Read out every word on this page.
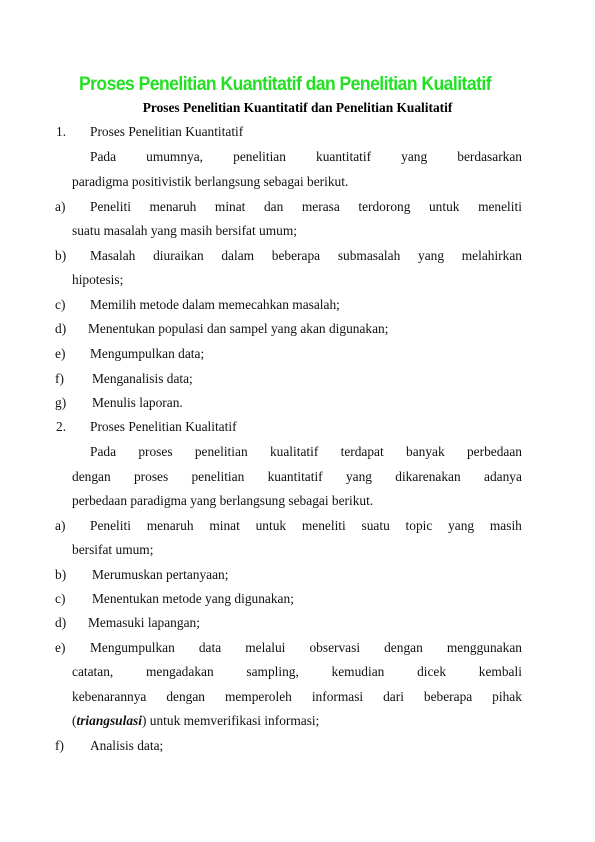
Proses Penelitian Kuantitatif dan Penelitian Kualitatif
Proses Penelitian Kuantitatif dan Penelitian Kualitatif
1. Proses Penelitian Kuantitatif
Pada umumnya, penelitian kuantitatif yang berdasarkan
paradigma positivistik berlangsung sebagai berikut.
a) Peneliti menaruh minat dan merasa terdorong untuk meneliti
suatu masalah yang masih bersifat umum;
b) Masalah diuraikan dalam beberapa submasalah yang melahirkan
hipotesis;
c) Memilih metode dalam memecahkan masalah;
d) Menentukan populasi dan sampel yang akan digunakan;
e) Mengumpulkan data;
f) Menganalisis data;
g) Menulis laporan.
2. Proses Penelitian Kualitatif
Pada proses penelitian kualitatif terdapat banyak perbedaan
dengan proses penelitian kuantitatif yang dikarenakan adanya
perbedaan paradigma yang berlangsung sebagai berikut.
a) Peneliti menaruh minat untuk meneliti suatu topic yang masih
bersifat umum;
b) Merumuskan pertanyaan;
c) Menentukan metode yang digunakan;
d) Memasuki lapangan;
e) Mengumpulkan data melalui observasi dengan menggunakan
catatan, mengadakan sampling, kemudian dicek kembali
kebenarannya dengan memperoleh informasi dari beberapa pihak
(triangsulasi) untuk memverifikasi informasi;
f) Analisis data;
